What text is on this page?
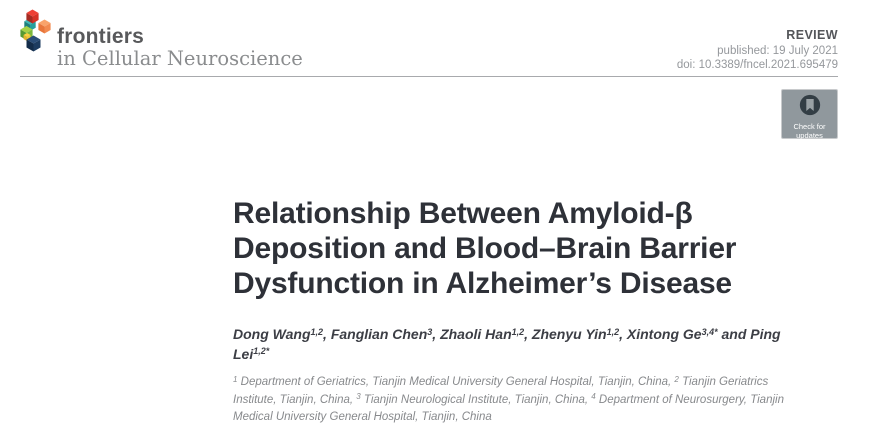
frontiers
in Cellular Neuroscience
REVIEW
published: 19 July 2021
doi: 10.3389/fncel.2021.695479
Check for
updates
Relationship Between Amyloid-β
Deposition and Blood–Brain Barrier
Dysfunction in Alzheimer’s Disease
Dong Wang$^{1,2}$, Fanglian Chen$^3$, Zhaoli Han$^{1,2}$, Zhenyu Yin$^{1,2}$, Xintong $Ge^{3,4*}$ and Ping Lei$^{1,2*}$
$^1$ Department of Geriatrics, Tianjin Medical University General Hospital, Tianjin, China, $^2$ Tianjin Geriatrics Institute, Tianjin, China, $^3$ Tianjin Neurological Institute, Tianjin, China, $^4$ Department of Neurosurgery, Tianjin Medical University General Hospital, Tianjin, China
